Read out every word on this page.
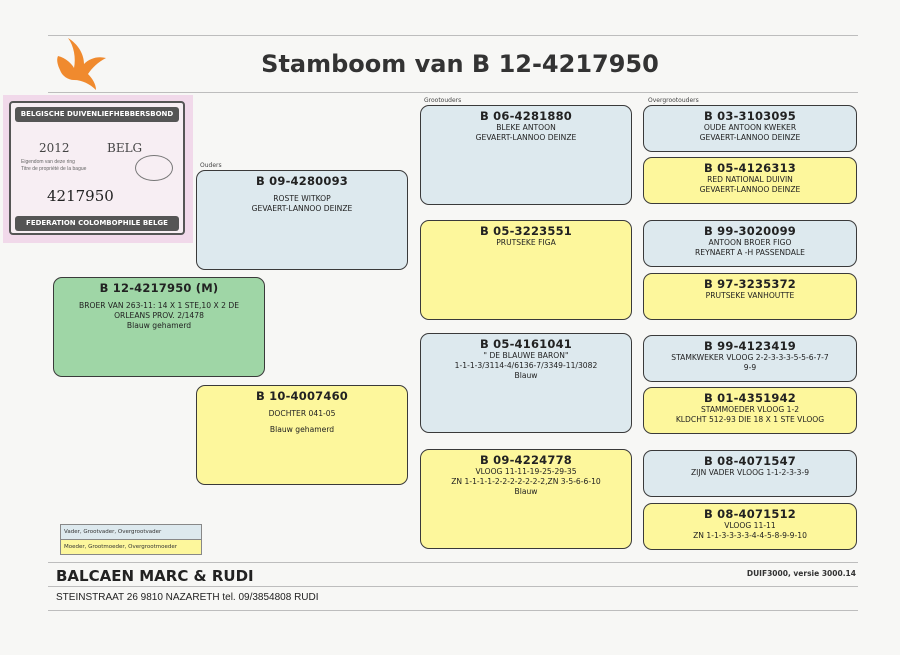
Stamboom van B 12-4217950
BELGISCHE DUIVENLIEFHEBBERSBOND
2012	BELG
Eigendom van deze ring
Titre de propriété de la bague
4217950
FEDERATION COLOMBOPHILE BELGE
Ouders
Grootouders	Overgrootouders
B 12-4217950 (M)
BROER VAN 263-11: 14 X 1 STE,10 X 2 DE
ORLEANS PROV. 2/1478
Blauw gehamerd
B 09-4280093
ROSTE WITKOP
GEVAERT-LANNOO DEINZE
B 10-4007460
DOCHTER 041-05
Blauw gehamerd
B 06-4281880
BLEKE ANTOON
GEVAERT-LANNOO DEINZE
B 05-3223551
PRUTSEKE FIGA
B 05-4161041
" DE BLAUWE BARON"
1-1-1-3/3114-4/6136-7/3349-11/3082
Blauw
B 09-4224778
VLOOG 11-11-19-25-29-35
ZN 1-1-1-1-2-2-2-2-2-2-2,ZN 3-5-6-6-10
Blauw
B 03-3103095
OUDE ANTOON KWEKER
GEVAERT-LANNOO DEINZE
B 05-4126313
RED NATIONAL DUIVIN
GEVAERT-LANNOO DEINZE
B 99-3020099
ANTOON BROER FIGO
REYNAERT A -H PASSENDALE
B 97-3235372
PRUTSEKE VANHOUTTE
B 99-4123419
STAMKWEKER VLOOG 2-2-3-3-3-5-5-6-7-7
9-9
B 01-4351942
STAMMOEDER VLOOG 1-2
KLDCHT 512-93 DIE 18 X 1 STE VLOOG
B 08-4071547
ZIJN VADER VLOOG 1-1-2-3-3-9
B 08-4071512
VLOOG 11-11
ZN 1-1-3-3-3-3-4-4-5-8-9-9-10
Vader, Grootvader, Overgrootvader
Moeder, Grootmoeder, Overgrootmoeder
BALCAEN MARC & RUDI	DUIF3000, versie 3000.14
STEINSTRAAT 26 9810 NAZARETH tel. 09/3854808 RUDI
